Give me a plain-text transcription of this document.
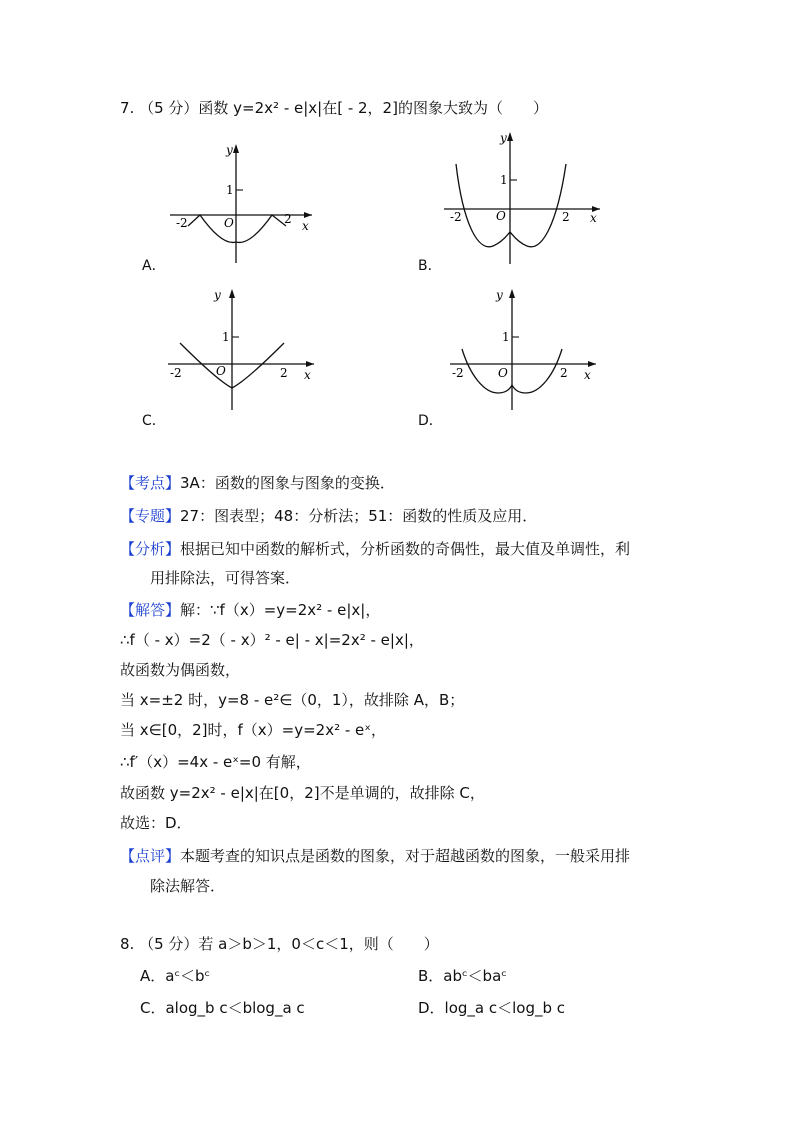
7. （5 分）函数 y=2x² - e|x|在[ - 2，2]的图象大致为（　　）
y
1
O
-2	2 x
A．
y
1
O
-2	2 x
B．
y
1
O
-2	2 x
C．
y
1
O
-2	2 x
D．
【考点】3A：函数的图象与图象的变换．
【专题】27：图表型；48：分析法；51：函数的性质及应用．
【分析】根据已知中函数的解析式，分析函数的奇偶性，最大值及单调性，利
用排除法，可得答案．
【解答】解：∵f（x）=y=2x² - e|x|，
∴f（ - x）=2（ - x）² - e| - x|=2x² - e|x|，
故函数为偶函数，
当 x=±2 时，y=8 - e²∈（0，1），故排除 A，B；
当 x∈[0，2]时，f（x）=y=2x² - eˣ，
∴f′（x）=4x - eˣ=0 有解，
故函数 y=2x² - e|x|在[0，2]不是单调的，故排除 C，
故选：D．
【点评】本题考查的知识点是函数的图象，对于超越函数的图象，一般采用排
除法解答．
8. （5 分）若 a＞b＞1，0＜c＜1，则（　　）
A．aᶜ＜bᶜ	B．abᶜ＜baᶜ
C．alog_b c＜blog_a c	D．log_a c＜log_b c
